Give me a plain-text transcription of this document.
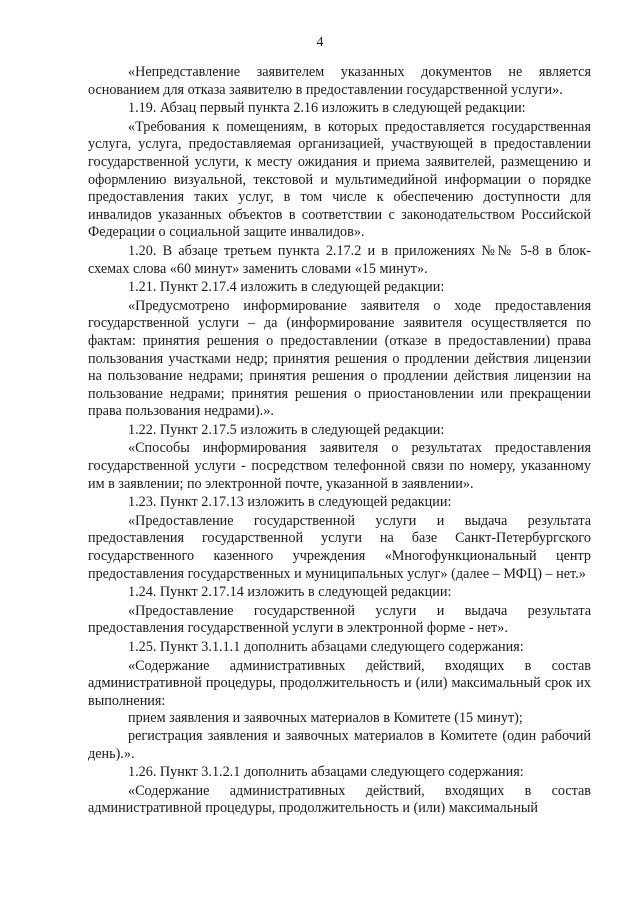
4

«Непредставление заявителем указанных документов не является основанием для отказа заявителю в предоставлении государственной услуги».

1.19. Абзац первый пункта 2.16 изложить в следующей редакции:

«Требования к помещениям, в которых предоставляется государственная услуга, услуга, предоставляемая организацией, участвующей в предоставлении государственной услуги, к месту ожидания и приема заявителей, размещению и оформлению визуальной, текстовой и мультимедийной информации о порядке предоставления таких услуг, в том числе к обеспечению доступности для инвалидов указанных объектов в соответствии с законодательством Российской Федерации о социальной защите инвалидов».

1.20. В абзаце третьем пункта 2.17.2 и в приложениях №№ 5-8 в блок-схемах слова «60 минут» заменить словами «15 минут».

1.21. Пункт 2.17.4 изложить в следующей редакции:

«Предусмотрено информирование заявителя о ходе предоставления государственной услуги – да (информирование заявителя осуществляется по фактам: принятия решения о предоставлении (отказе в предоставлении) права пользования участками недр; принятия решения о продлении действия лицензии на пользование недрами; принятия решения о продлении действия лицензии на пользование недрами; принятия решения о приостановлении или прекращении права пользования недрами).».

1.22. Пункт 2.17.5 изложить в следующей редакции:

«Способы информирования заявителя о результатах предоставления государственной услуги - посредством телефонной связи по номеру, указанному им в заявлении; по электронной почте, указанной в заявлении».

1.23. Пункт 2.17.13 изложить в следующей редакции:

«Предоставление государственной услуги и выдача результата предоставления государственной услуги на базе Санкт-Петербургского государственного казенного учреждения «Многофункциональный центр предоставления государственных и муниципальных услуг» (далее – МФЦ) – нет.»

1.24. Пункт 2.17.14 изложить в следующей редакции:

«Предоставление государственной услуги и выдача результата предоставления государственной услуги в электронной форме - нет».

1.25. Пункт 3.1.1.1 дополнить абзацами следующего содержания:

«Содержание административных действий, входящих в состав административной процедуры, продолжительность и (или) максимальный срок их выполнения:

прием заявления и заявочных материалов в Комитете (15 минут);

регистрация заявления и заявочных материалов в Комитете (один рабочий день).».

1.26. Пункт 3.1.2.1 дополнить абзацами следующего содержания:

«Содержание административных действий, входящих в состав административной процедуры, продолжительность и (или) максимальный
